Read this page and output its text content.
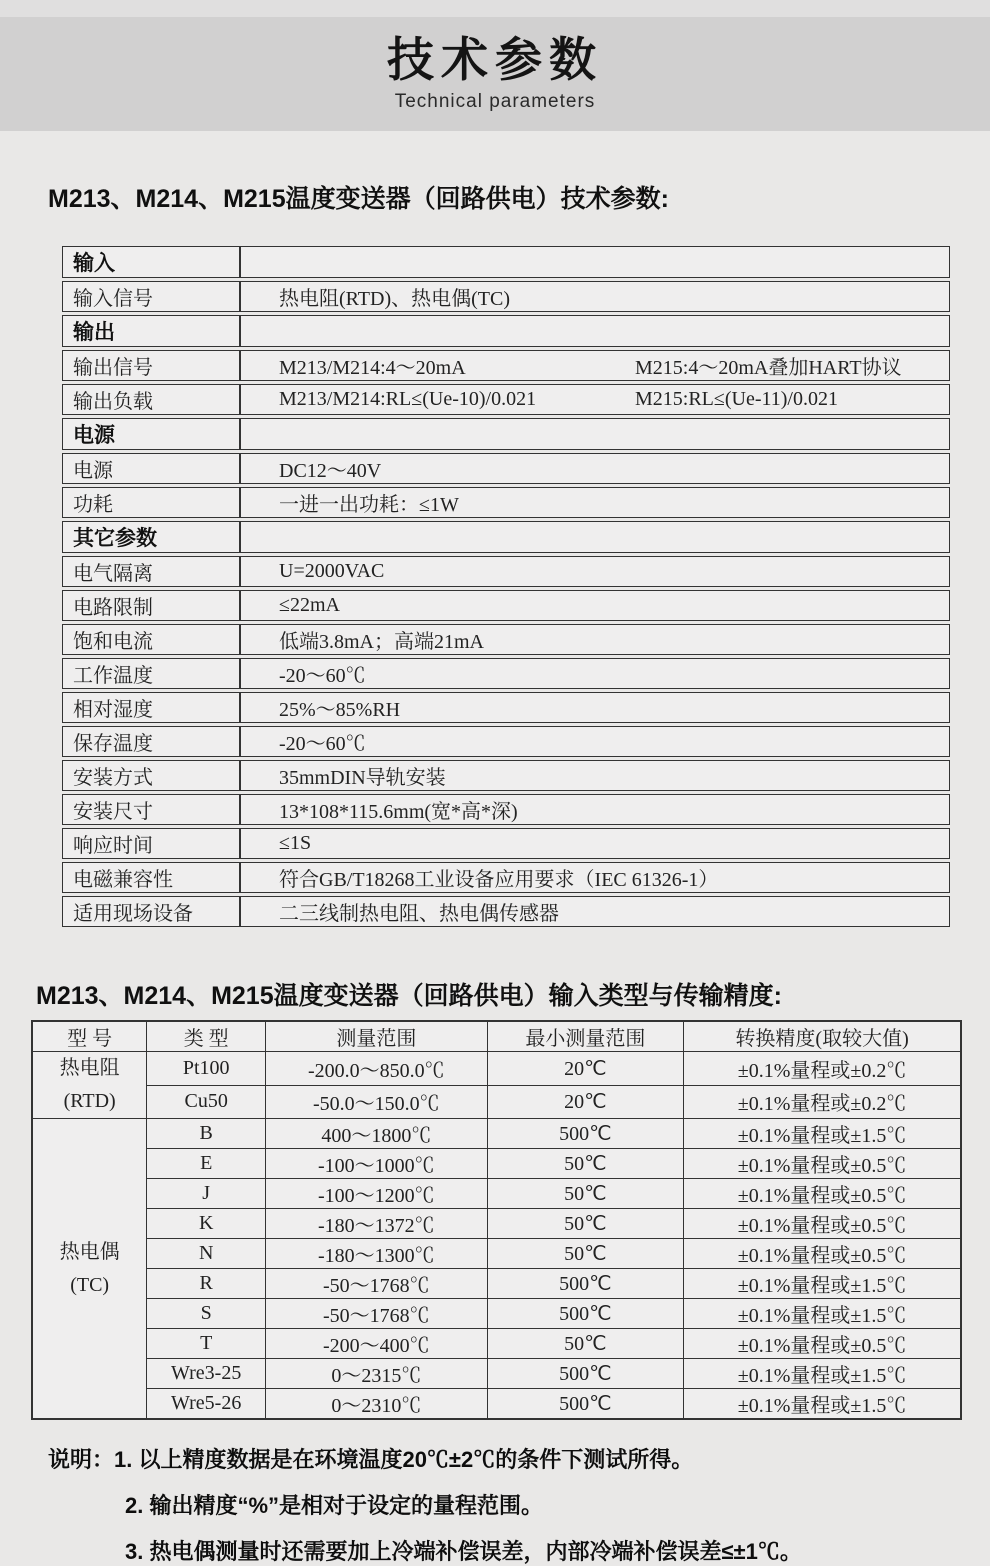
技术参数
Technical parameters
M213、M214、M215温度变送器（回路供电）技术参数:
输入	
输入信号	热电阻(RTD)、热电偶(TC)
输出	
输出信号	M213/M214:4～20mA M215:4～20mA叠加HART协议
输出负载	M213/M214:RL≤(Ue-10)/0.021 M215:RL≤(Ue-11)/0.021
电源	
电源	DC12～40V
功耗	一进一出功耗：≤1W
其它参数	
电气隔离	U=2000VAC
电路限制	≤22mA
饱和电流	低端3.8mA；高端21mA
工作温度	-20～60℃
相对湿度	25%～85%RH
保存温度	-20～60℃
安装方式	35mmDIN导轨安装
安装尺寸	13*108*115.6mm(宽*高*深)
响应时间	≤1S
电磁兼容性	符合GB/T18268工业设备应用要求（IEC 61326-1）
适用现场设备	二三线制热电阻、热电偶传感器
M213、M214、M215温度变送器（回路供电）输入类型与传输精度:
型 号	类 型	测量范围	最小测量范围	转换精度(取较大值)

热电阻
(RTD)	Pt100	-200.0～850.0℃	20℃	±0.1%量程或±0.2℃
	Cu50	-50.0～150.0℃	20℃	±0.1%量程或±0.2℃

热电偶
(TC)	B	400～1800℃	500℃	±0.1%量程或±1.5℃
	E	-100～1000℃	50℃	±0.1%量程或±0.5℃
	J	-100～1200℃	50℃	±0.1%量程或±0.5℃
	K	-180～1372℃	50℃	±0.1%量程或±0.5℃
	N	-180～1300℃	50℃	±0.1%量程或±0.5℃
	R	-50～1768℃	500℃	±0.1%量程或±1.5℃
	S	-50～1768℃	500℃	±0.1%量程或±1.5℃
	T	-200～400℃	50℃	±0.1%量程或±0.5℃
	Wre3-25	0～2315℃	500℃	±0.1%量程或±1.5℃
	Wre5-26	0～2310℃	500℃	±0.1%量程或±1.5℃
说明：1. 以上精度数据是在环境温度20℃±2℃的条件下测试所得。
2. 输出精度“%”是相对于设定的量程范围。
3. 热电偶测量时还需要加上冷端补偿误差，内部冷端补偿误差≤±1℃。
